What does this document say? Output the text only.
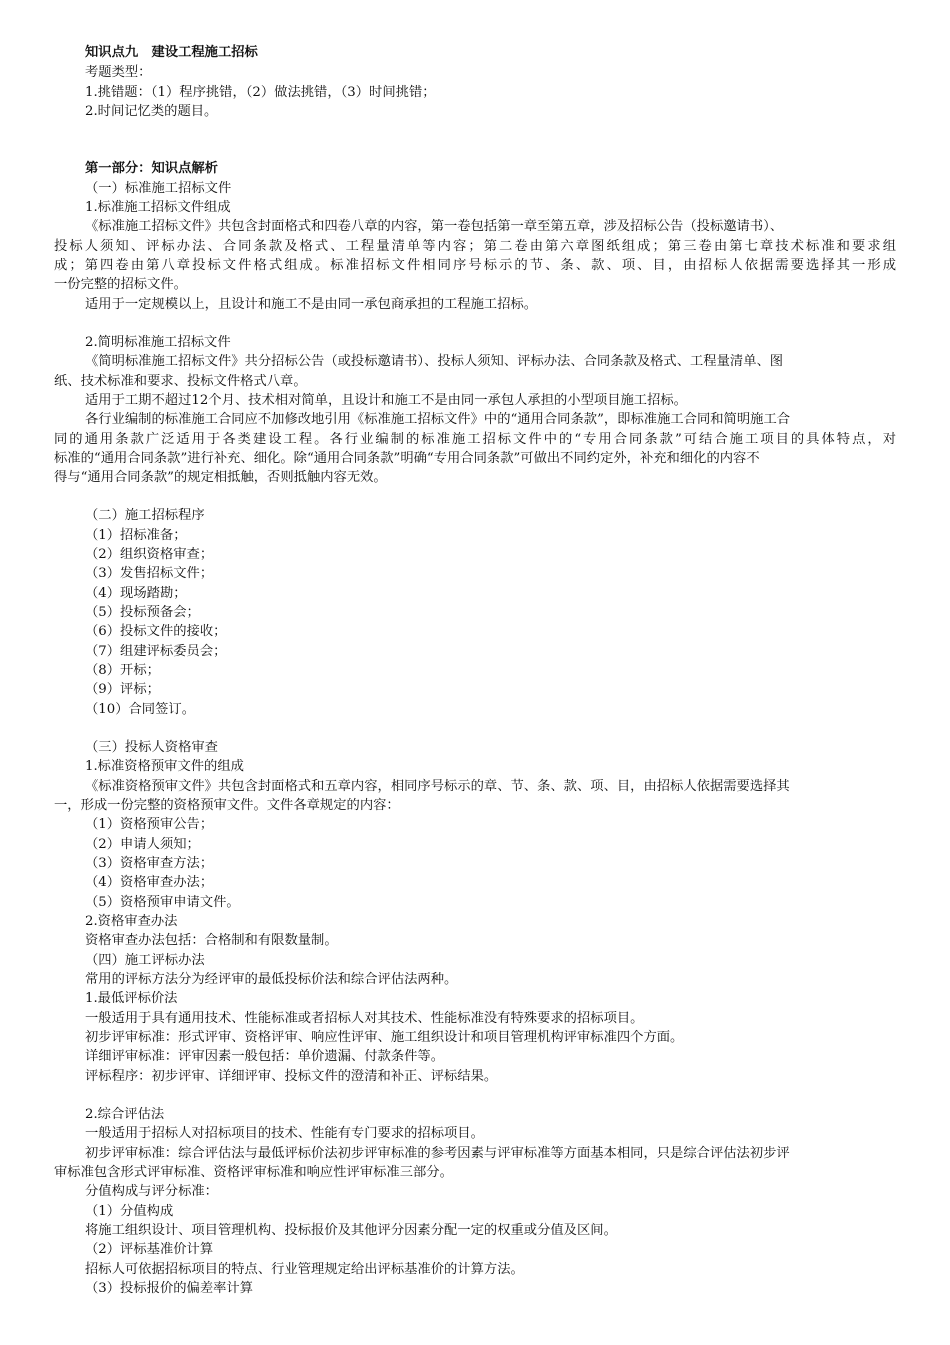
知识点九　建设工程施工招标
考题类型：
1.挑错题：（1）程序挑错，（2）做法挑错，（3）时间挑错；
2.时间记忆类的题目。
第一部分：知识点解析
（一）标准施工招标文件
1.标准施工招标文件组成
《标准施工招标文件》共包含封面格式和四卷八章的内容，第一卷包括第一章至第五章，涉及招标公告（投标邀请书）、
投标人须知、评标办法、合同条款及格式、工程量清单等内容；第二卷由第六章图纸组成；第三卷由第七章技术标准和要求组
成；第四卷由第八章投标文件格式组成。标准招标文件相同序号标示的节、条、款、项、目，由招标人依据需要选择其一形成
一份完整的招标文件。
适用于一定规模以上，且设计和施工不是由同一承包商承担的工程施工招标。
2.简明标准施工招标文件
《简明标准施工招标文件》共分招标公告（或投标邀请书）、投标人须知、评标办法、合同条款及格式、工程量清单、图
纸、技术标准和要求、投标文件格式八章。
适用于工期不超过12个月、技术相对简单，且设计和施工不是由同一承包人承担的小型项目施工招标。
各行业编制的标准施工合同应不加修改地引用《标准施工招标文件》中的“通用合同条款”，即标准施工合同和简明施工合
同的通用条款广泛适用于各类建设工程。各行业编制的标准施工招标文件中的“专用合同条款”可结合施工项目的具体特点，对
标准的“通用合同条款”进行补充、细化。除“通用合同条款”明确“专用合同条款”可做出不同约定外，补充和细化的内容不
得与“通用合同条款”的规定相抵触，否则抵触内容无效。
（二）施工招标程序
（1）招标准备；
（2）组织资格审查；
（3）发售招标文件；
（4）现场踏勘；
（5）投标预备会；
（6）投标文件的接收；
（7）组建评标委员会；
（8）开标；
（9）评标；
（10）合同签订。
（三）投标人资格审查
1.标准资格预审文件的组成
《标准资格预审文件》共包含封面格式和五章内容，相同序号标示的章、节、条、款、项、目，由招标人依据需要选择其
一，形成一份完整的资格预审文件。文件各章规定的内容：
（1）资格预审公告；
（2）申请人须知；
（3）资格审查方法；
（4）资格审查办法；
（5）资格预审申请文件。
2.资格审查办法
资格审查办法包括：合格制和有限数量制。
（四）施工评标办法
常用的评标方法分为经评审的最低投标价法和综合评估法两种。
1.最低评标价法
一般适用于具有通用技术、性能标准或者招标人对其技术、性能标准没有特殊要求的招标项目。
初步评审标准：形式评审、资格评审、响应性评审、施工组织设计和项目管理机构评审标准四个方面。
详细评审标准：评审因素一般包括：单价遗漏、付款条件等。
评标程序：初步评审、详细评审、投标文件的澄清和补正、评标结果。
2.综合评估法
一般适用于招标人对招标项目的技术、性能有专门要求的招标项目。
初步评审标准：综合评估法与最低评标价法初步评审标准的参考因素与评审标准等方面基本相同，只是综合评估法初步评
审标准包含形式评审标准、资格评审标准和响应性评审标准三部分。
分值构成与评分标准：
（1）分值构成
将施工组织设计、项目管理机构、投标报价及其他评分因素分配一定的权重或分值及区间。
（2）评标基准价计算
招标人可依据招标项目的特点、行业管理规定给出评标基准价的计算方法。
（3）投标报价的偏差率计算
